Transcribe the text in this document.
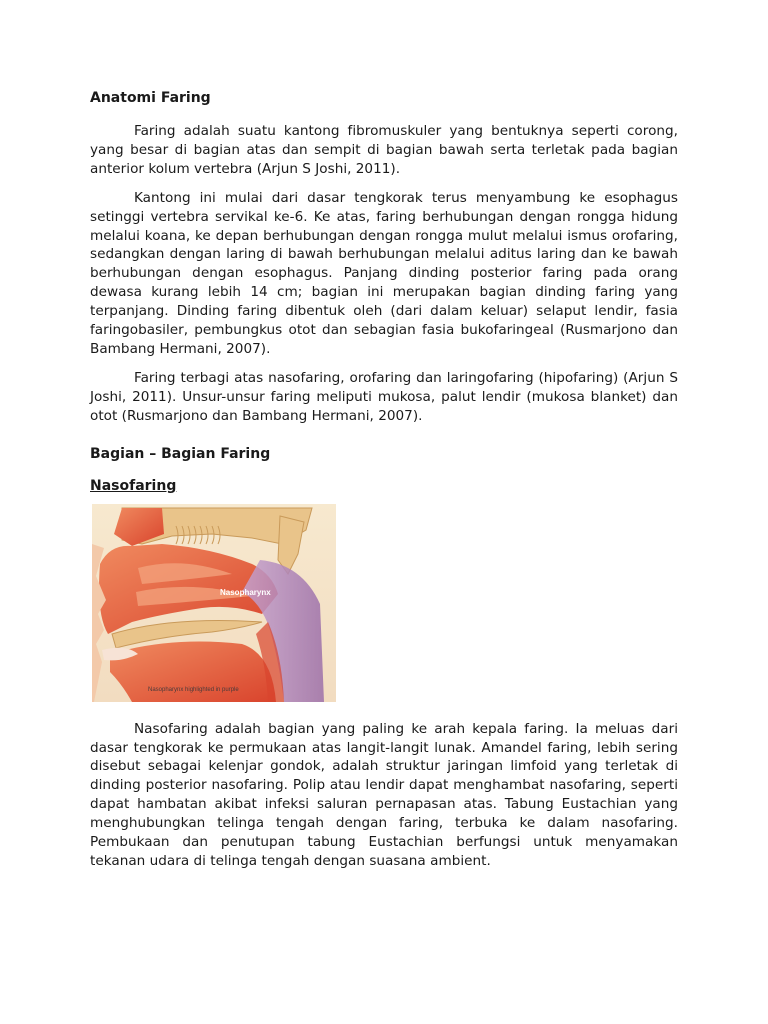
Anatomi Faring

Faring adalah suatu kantong fibromuskuler yang bentuknya seperti corong, yang besar di bagian atas dan sempit di bagian bawah serta terletak pada bagian anterior kolum vertebra (Arjun S Joshi, 2011).

Kantong ini mulai dari dasar tengkorak terus menyambung ke esophagus setinggi vertebra servikal ke-6. Ke atas, faring berhubungan dengan rongga hidung melalui koana, ke depan berhubungan dengan rongga mulut melalui ismus orofaring, sedangkan dengan laring di bawah berhubungan melalui aditus laring dan ke bawah berhubungan dengan esophagus. Panjang dinding posterior faring pada orang dewasa kurang lebih 14 cm; bagian ini merupakan bagian dinding faring yang terpanjang. Dinding faring dibentuk oleh (dari dalam keluar) selaput lendir, fasia faringobasiler, pembungkus otot dan sebagian fasia bukofaringeal (Rusmarjono dan Bambang Hermani, 2007).

Faring terbagi atas nasofaring, orofaring dan laringofaring (hipofaring) (Arjun S Joshi, 2011). Unsur-unsur faring meliputi mukosa, palut lendir (mukosa blanket) dan otot (Rusmarjono dan Bambang Hermani, 2007).

Bagian – Bagian Faring
Nasofaring
Nasopharynx
Nasopharynx highlighted in purple

Nasofaring adalah bagian yang paling ke arah kepala faring. Ia meluas dari dasar tengkorak ke permukaan atas langit-langit lunak. Amandel faring, lebih sering disebut sebagai kelenjar gondok, adalah struktur jaringan limfoid yang terletak di dinding posterior nasofaring. Polip atau lendir dapat menghambat nasofaring, seperti dapat hambatan akibat infeksi saluran pernapasan atas. Tabung Eustachian yang menghubungkan telinga tengah dengan faring, terbuka ke dalam nasofaring. Pembukaan dan penutupan tabung Eustachian berfungsi untuk menyamakan tekanan udara di telinga tengah dengan suasana ambient.
